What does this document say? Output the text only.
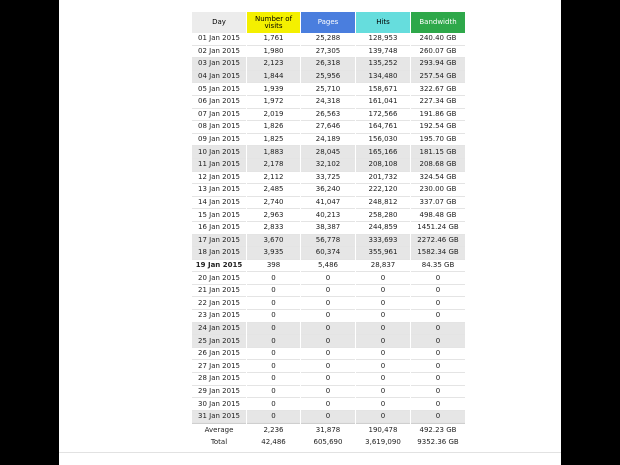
Day	Number of visits	Pages	Hits	Bandwidth
01 Jan 2015	1,761	25,288	128,953	240.40 GB
02 Jan 2015	1,980	27,305	139,748	260.07 GB
03 Jan 2015	2,123	26,318	135,252	293.94 GB
04 Jan 2015	1,844	25,956	134,480	257.54 GB
05 Jan 2015	1,939	25,710	158,671	322.67 GB
06 Jan 2015	1,972	24,318	161,041	227.34 GB
07 Jan 2015	2,019	26,563	172,566	191.86 GB
08 Jan 2015	1,826	27,646	164,761	192.54 GB
09 Jan 2015	1,825	24,189	156,030	195.70 GB
10 Jan 2015	1,883	28,045	165,166	181.15 GB
11 Jan 2015	2,178	32,102	208,108	208.68 GB
12 Jan 2015	2,112	33,725	201,732	324.54 GB
13 Jan 2015	2,485	36,240	222,120	230.00 GB
14 Jan 2015	2,740	41,047	248,812	337.07 GB
15 Jan 2015	2,963	40,213	258,280	498.48 GB
16 Jan 2015	2,833	38,387	244,859	1451.24 GB
17 Jan 2015	3,670	56,778	333,693	2272.46 GB
18 Jan 2015	3,935	60,374	355,961	1582.34 GB
19 Jan 2015	398	5,486	28,837	84.35 GB
20 Jan 2015	0	0	0	0
21 Jan 2015	0	0	0	0
22 Jan 2015	0	0	0	0
23 Jan 2015	0	0	0	0
24 Jan 2015	0	0	0	0
25 Jan 2015	0	0	0	0
26 Jan 2015	0	0	0	0
27 Jan 2015	0	0	0	0
28 Jan 2015	0	0	0	0
29 Jan 2015	0	0	0	0
30 Jan 2015	0	0	0	0
31 Jan 2015	0	0	0	0
Average	2,236	31,878	190,478	492.23 GB
Total	42,486	605,690	3,619,090	9352.36 GB
